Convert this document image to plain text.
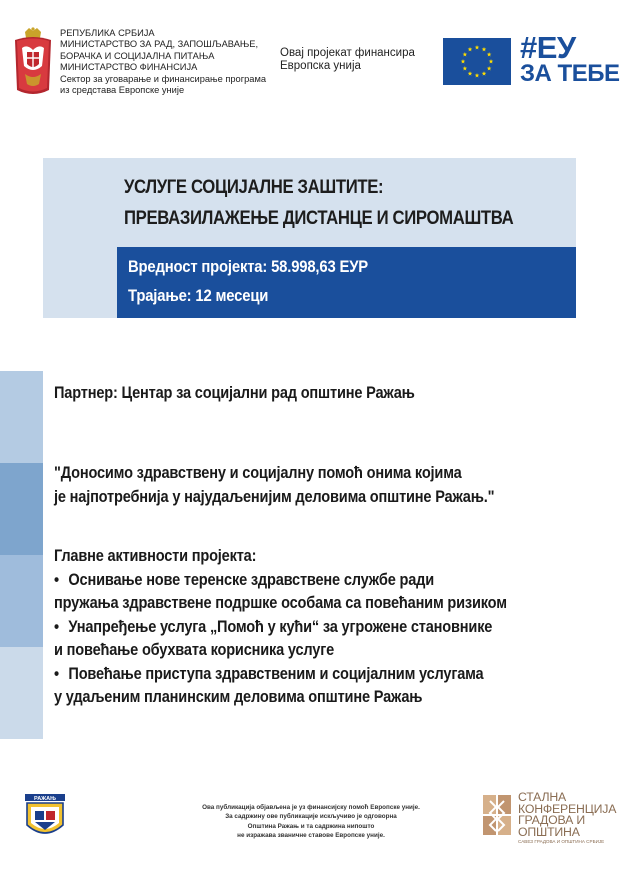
РЕПУБЛИКА СРБИЈА
МИНИСТАРСТВО ЗА РАД, ЗАПОШЉАВАЊЕ,
БОРАЧКА И СОЦИЈАЛНА ПИТАЊА
МИНИСТАРСТВО ФИНАНСИЈА
Сектор за уговарање и финансирање програма
из средстава Европске уније
Овај пројекат финансира
Европска унија
#ЕУ
ЗА ТЕБЕ
УСЛУГЕ СОЦИЈАЛНЕ ЗАШТИТЕ:
ПРЕВАЗИЛАЖЕЊЕ ДИСТАНЦЕ И СИРОМАШТВА
Вредност пројекта: 58.998,63 ЕУР
Трајање: 12 месеци
Партнер: Центар за социјални рад општине Ражањ
"Доносимо здравствену и социјалну помоћ онима којима
је најпотребнија у најудаљенијим деловима општине Ражањ."
Главне активности пројекта:
• Оснивање нове теренске здравствене службе ради
пружања здравствене подршке особама са повећаним ризиком
• Унапређење услуга „Помоћ у кући“ за угрожене становнике
и повећање обухвата корисника услуге
• Повећање приступа здравственим и социјалним услугама
у удаљеним планинским деловима општине Ражањ
РАЖАЊ
Ова публикација објављена је уз финансијску помоћ Европске уније.
За садржину ове публикације искључиво је одговорна
Општина Ражањ и та садржина нипошто
не изражава званичне ставове Европске уније.
СТАЛНА
КОНФЕРЕНЦИЈА
ГРАДОВА И
ОПШТИНА
САВЕЗ ГРАДОВА И ОПШТИНА СРБИЈЕ
